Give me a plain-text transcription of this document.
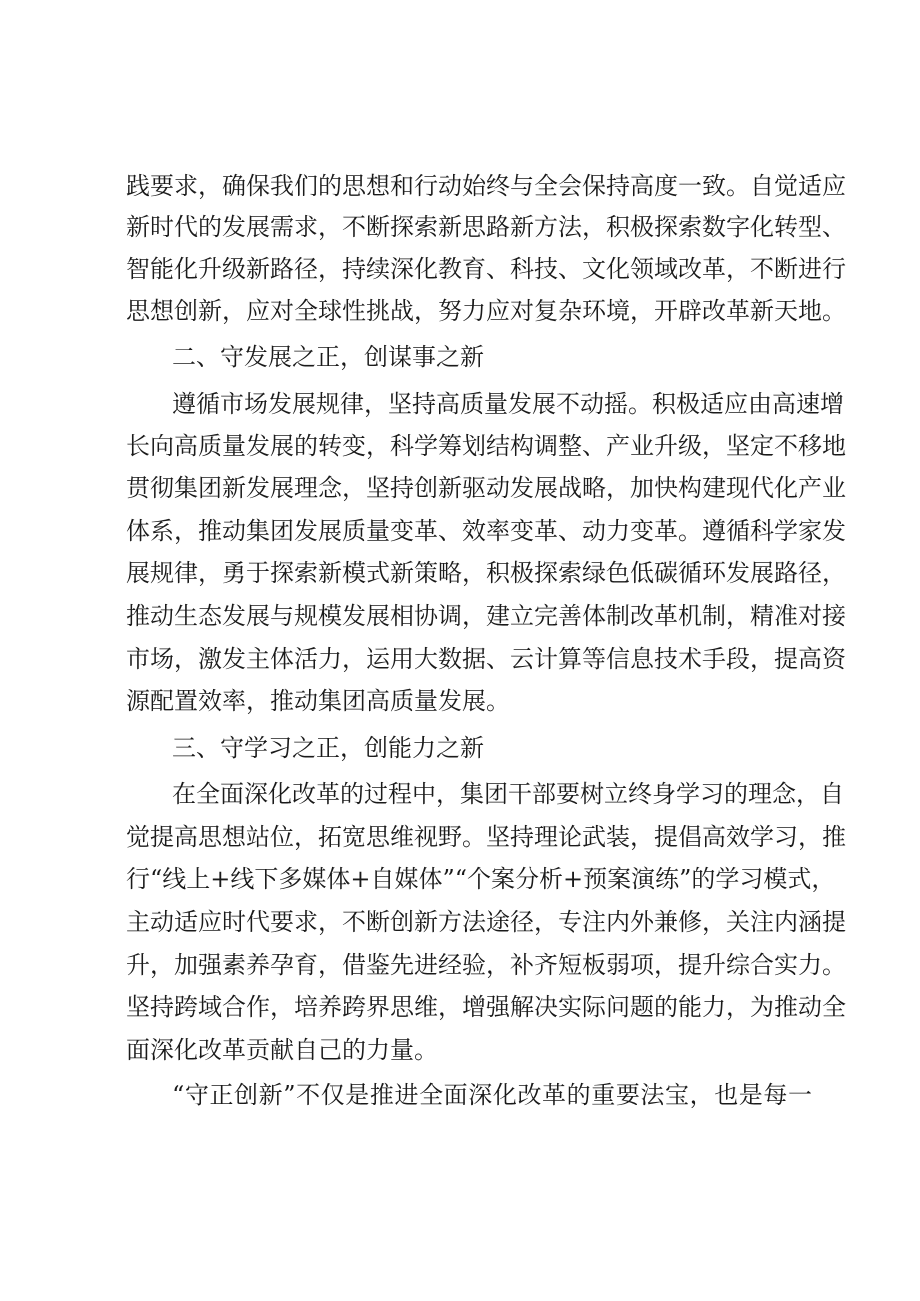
践要求，确保我们的思想和行动始终与全会保持高度一致。自觉适应
新时代的发展需求，不断探索新思路新方法，积极探索数字化转型、
智能化升级新路径，持续深化教育、科技、文化领域改革，不断进行
思想创新，应对全球性挑战，努力应对复杂环境，开辟改革新天地。
二、守发展之正，创谋事之新
遵循市场发展规律，坚持高质量发展不动摇。积极适应由高速增
长向高质量发展的转变，科学筹划结构调整、产业升级，坚定不移地
贯彻集团新发展理念，坚持创新驱动发展战略，加快构建现代化产业
体系，推动集团发展质量变革、效率变革、动力变革。遵循科学家发
展规律，勇于探索新模式新策略，积极探索绿色低碳循环发展路径，
推动生态发展与规模发展相协调，建立完善体制改革机制，精准对接
市场，激发主体活力，运用大数据、云计算等信息技术手段，提高资
源配置效率，推动集团高质量发展。
三、守学习之正，创能力之新
在全面深化改革的过程中，集团干部要树立终身学习的理念，自
觉提高思想站位，拓宽思维视野。坚持理论武装，提倡高效学习，推
行“线上+线下多媒体+自媒体”“个案分析+预案演练”的学习模式，
主动适应时代要求，不断创新方法途径，专注内外兼修，关注内涵提
升，加强素养孕育，借鉴先进经验，补齐短板弱项，提升综合实力。
坚持跨域合作，培养跨界思维，增强解决实际问题的能力，为推动全
面深化改革贡献自己的力量。
“守正创新”不仅是推进全面深化改革的重要法宝，也是每一
